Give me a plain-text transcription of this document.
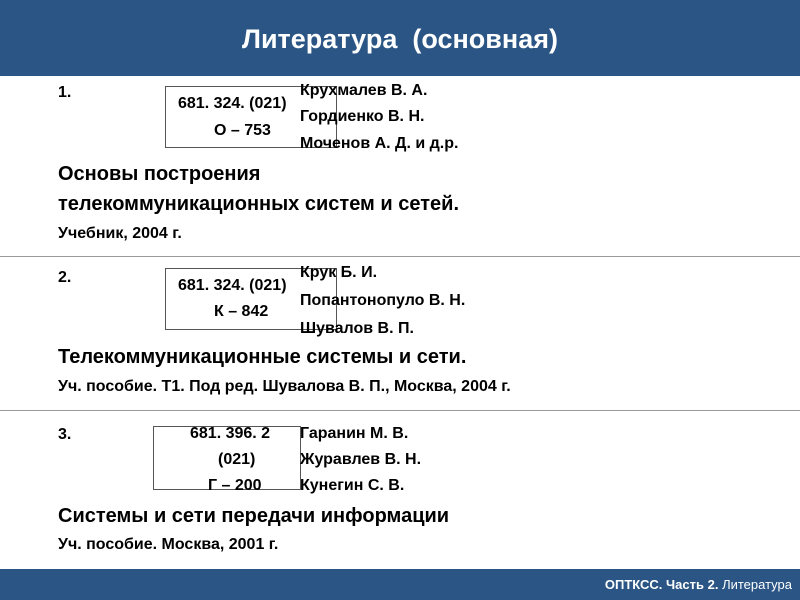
Литература  (основная)
1.
681. 324. (021)
О – 753
Крухмалев В. А.
Гордиенко В. Н.
Моченов А. Д. и д.р.
Основы построения
телекоммуникационных систем и сетей.
Учебник, 2004 г.
2.	681. 324. (021)
К – 842
Крук Б. И.
Попантонопуло В. Н.
Шувалов В. П.
Телекоммуникационные системы и сети.
Уч. пособие. Т1. Под ред. Шувалова В. П., Москва, 2004 г.
3.	681. 396. 2
(021)
Г – 200
Гаранин М. В.
Журавлев В. Н.
Кунегин С. В.
Системы и сети передачи информации
Уч. пособие. Москва, 2001 г.
ОПТКСС. Часть 2. Литература
